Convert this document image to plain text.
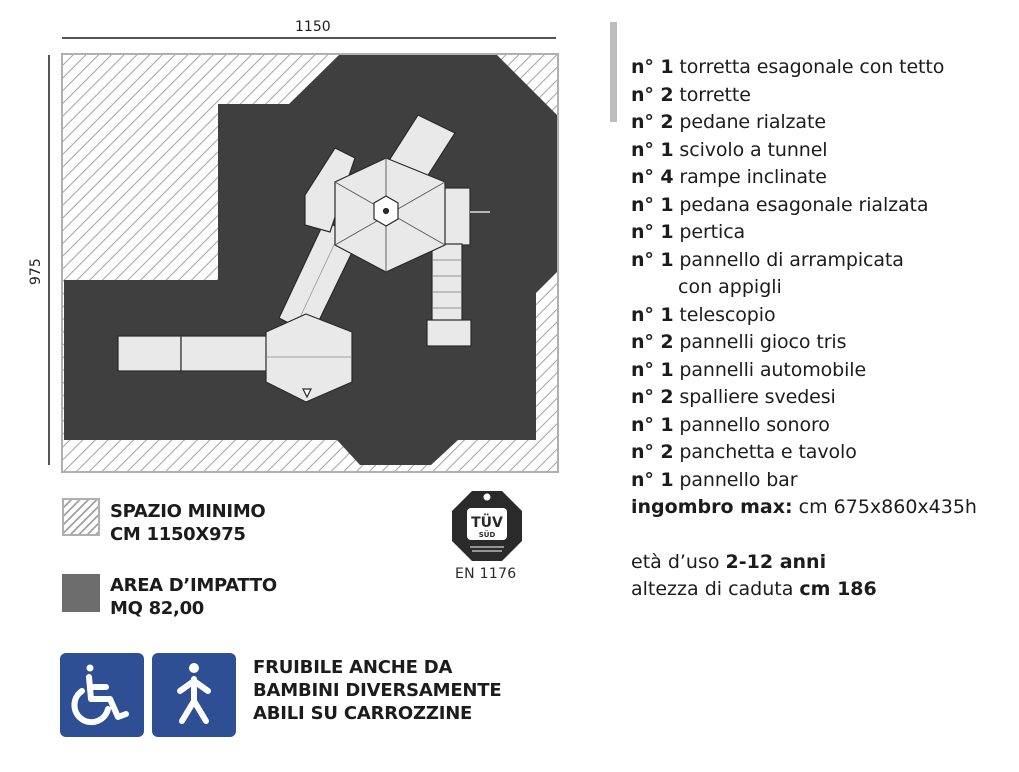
1150
975
SPAZIO MINIMO
CM 1150X975
AREA D’IMPATTO
MQ 82,00
TÜV
SÜD
EN 1176
FRUIBILE ANCHE DA
BAMBINI DIVERSAMENTE
ABILI SU CARROZZINE
n° 1 torretta esagonale con tetto
n° 2 torrette
n° 2 pedane rialzate
n° 1 scivolo a tunnel
n° 4 rampe inclinate
n° 1 pedana esagonale rialzata
n° 1 pertica
n° 1 pannello di arrampicata
con appigli
n° 1 telescopio
n° 2 pannelli gioco tris
n° 1 pannelli automobile
n° 2 spalliere svedesi
n° 1 pannello sonoro
n° 2 panchetta e tavolo
n° 1 pannello bar
ingombro max: cm 675x860x435h
età d’uso 2-12 anni
altezza di caduta cm 186
